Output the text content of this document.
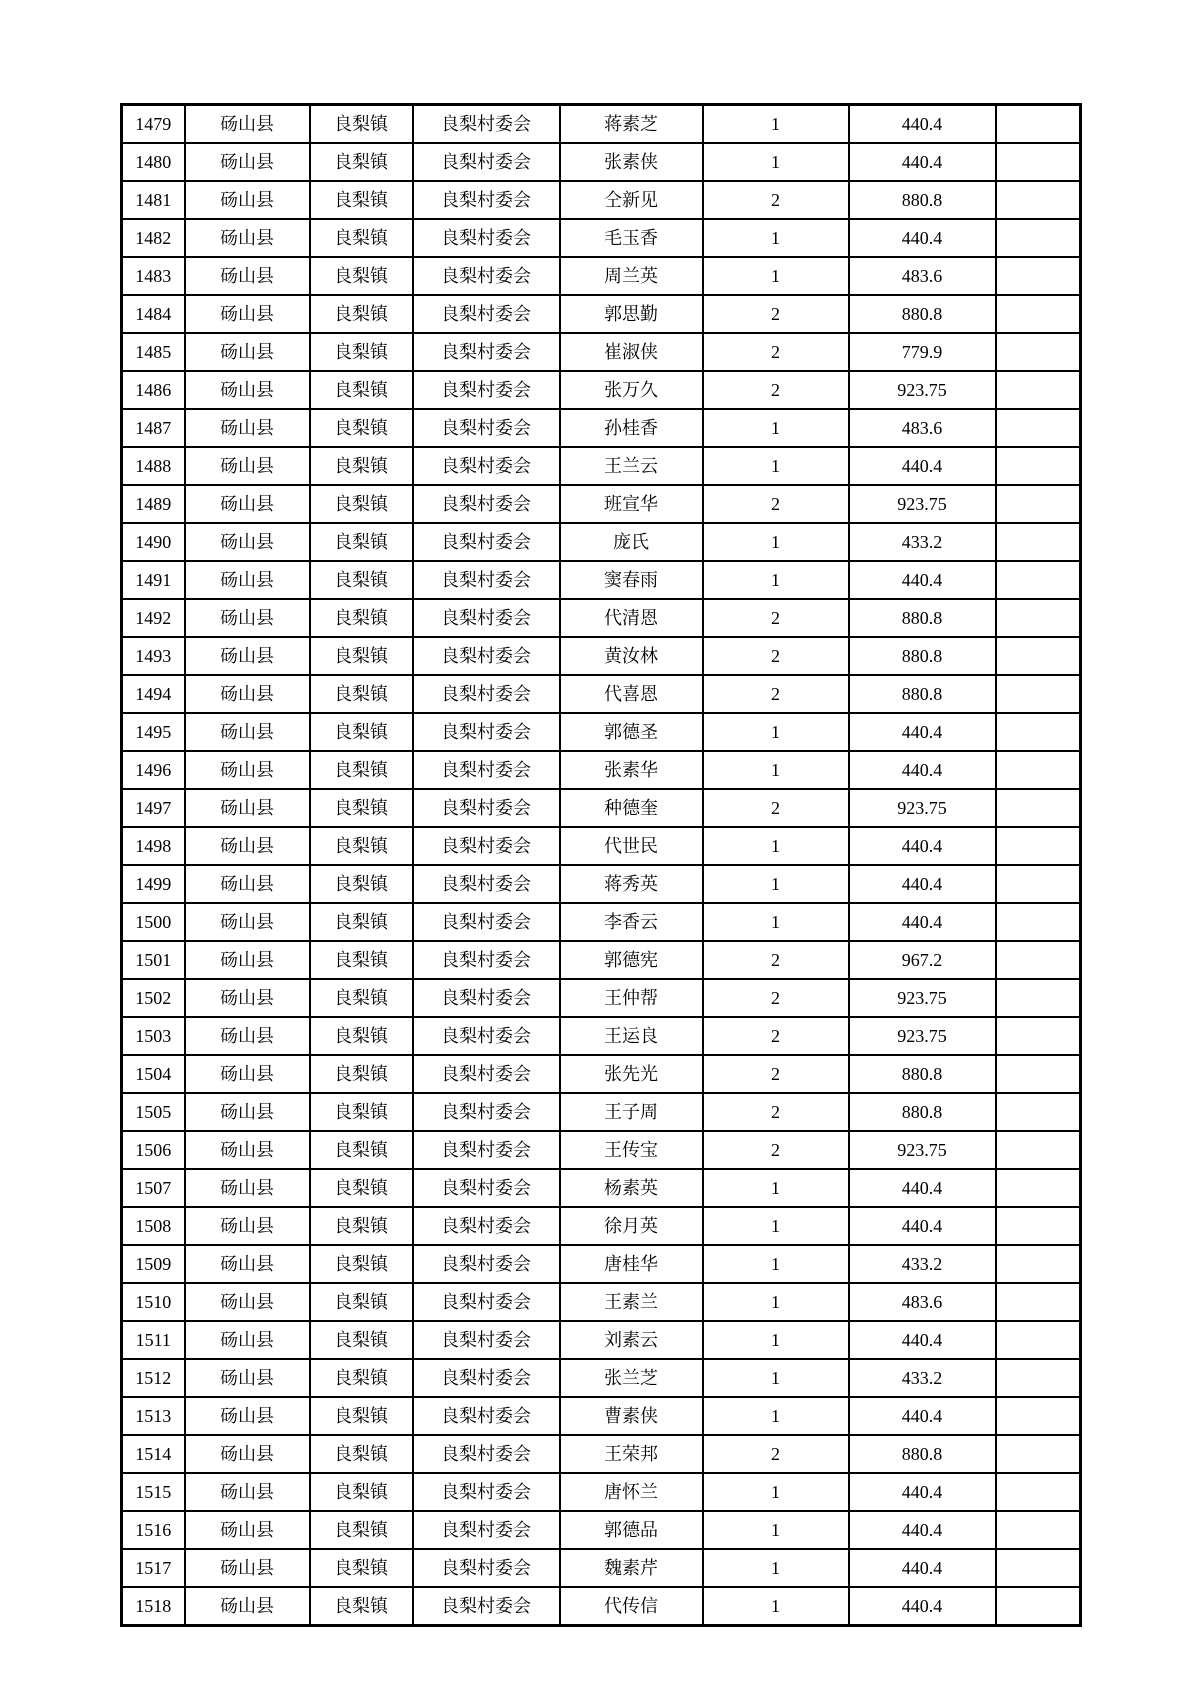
1479	砀山县	良梨镇	良梨村委会	蒋素芝	1	440.4	
1480	砀山县	良梨镇	良梨村委会	张素侠	1	440.4	
1481	砀山县	良梨镇	良梨村委会	仝新见	2	880.8	
1482	砀山县	良梨镇	良梨村委会	毛玉香	1	440.4	
1483	砀山县	良梨镇	良梨村委会	周兰英	1	483.6	
1484	砀山县	良梨镇	良梨村委会	郭思勤	2	880.8	
1485	砀山县	良梨镇	良梨村委会	崔淑侠	2	779.9	
1486	砀山县	良梨镇	良梨村委会	张万久	2	923.75	
1487	砀山县	良梨镇	良梨村委会	孙桂香	1	483.6	
1488	砀山县	良梨镇	良梨村委会	王兰云	1	440.4	
1489	砀山县	良梨镇	良梨村委会	班宣华	2	923.75	
1490	砀山县	良梨镇	良梨村委会	庞氏	1	433.2	
1491	砀山县	良梨镇	良梨村委会	窦春雨	1	440.4	
1492	砀山县	良梨镇	良梨村委会	代清恩	2	880.8	
1493	砀山县	良梨镇	良梨村委会	黄汝林	2	880.8	
1494	砀山县	良梨镇	良梨村委会	代喜恩	2	880.8	
1495	砀山县	良梨镇	良梨村委会	郭德圣	1	440.4	
1496	砀山县	良梨镇	良梨村委会	张素华	1	440.4	
1497	砀山县	良梨镇	良梨村委会	种德奎	2	923.75	
1498	砀山县	良梨镇	良梨村委会	代世民	1	440.4	
1499	砀山县	良梨镇	良梨村委会	蒋秀英	1	440.4	
1500	砀山县	良梨镇	良梨村委会	李香云	1	440.4	
1501	砀山县	良梨镇	良梨村委会	郭德宪	2	967.2	
1502	砀山县	良梨镇	良梨村委会	王仲帮	2	923.75	
1503	砀山县	良梨镇	良梨村委会	王运良	2	923.75	
1504	砀山县	良梨镇	良梨村委会	张先光	2	880.8	
1505	砀山县	良梨镇	良梨村委会	王子周	2	880.8	
1506	砀山县	良梨镇	良梨村委会	王传宝	2	923.75	
1507	砀山县	良梨镇	良梨村委会	杨素英	1	440.4	
1508	砀山县	良梨镇	良梨村委会	徐月英	1	440.4	
1509	砀山县	良梨镇	良梨村委会	唐桂华	1	433.2	
1510	砀山县	良梨镇	良梨村委会	王素兰	1	483.6	
1511	砀山县	良梨镇	良梨村委会	刘素云	1	440.4	
1512	砀山县	良梨镇	良梨村委会	张兰芝	1	433.2	
1513	砀山县	良梨镇	良梨村委会	曹素侠	1	440.4	
1514	砀山县	良梨镇	良梨村委会	王荣邦	2	880.8	
1515	砀山县	良梨镇	良梨村委会	唐怀兰	1	440.4	
1516	砀山县	良梨镇	良梨村委会	郭德品	1	440.4	
1517	砀山县	良梨镇	良梨村委会	魏素芹	1	440.4	
1518	砀山县	良梨镇	良梨村委会	代传信	1	440.4	
